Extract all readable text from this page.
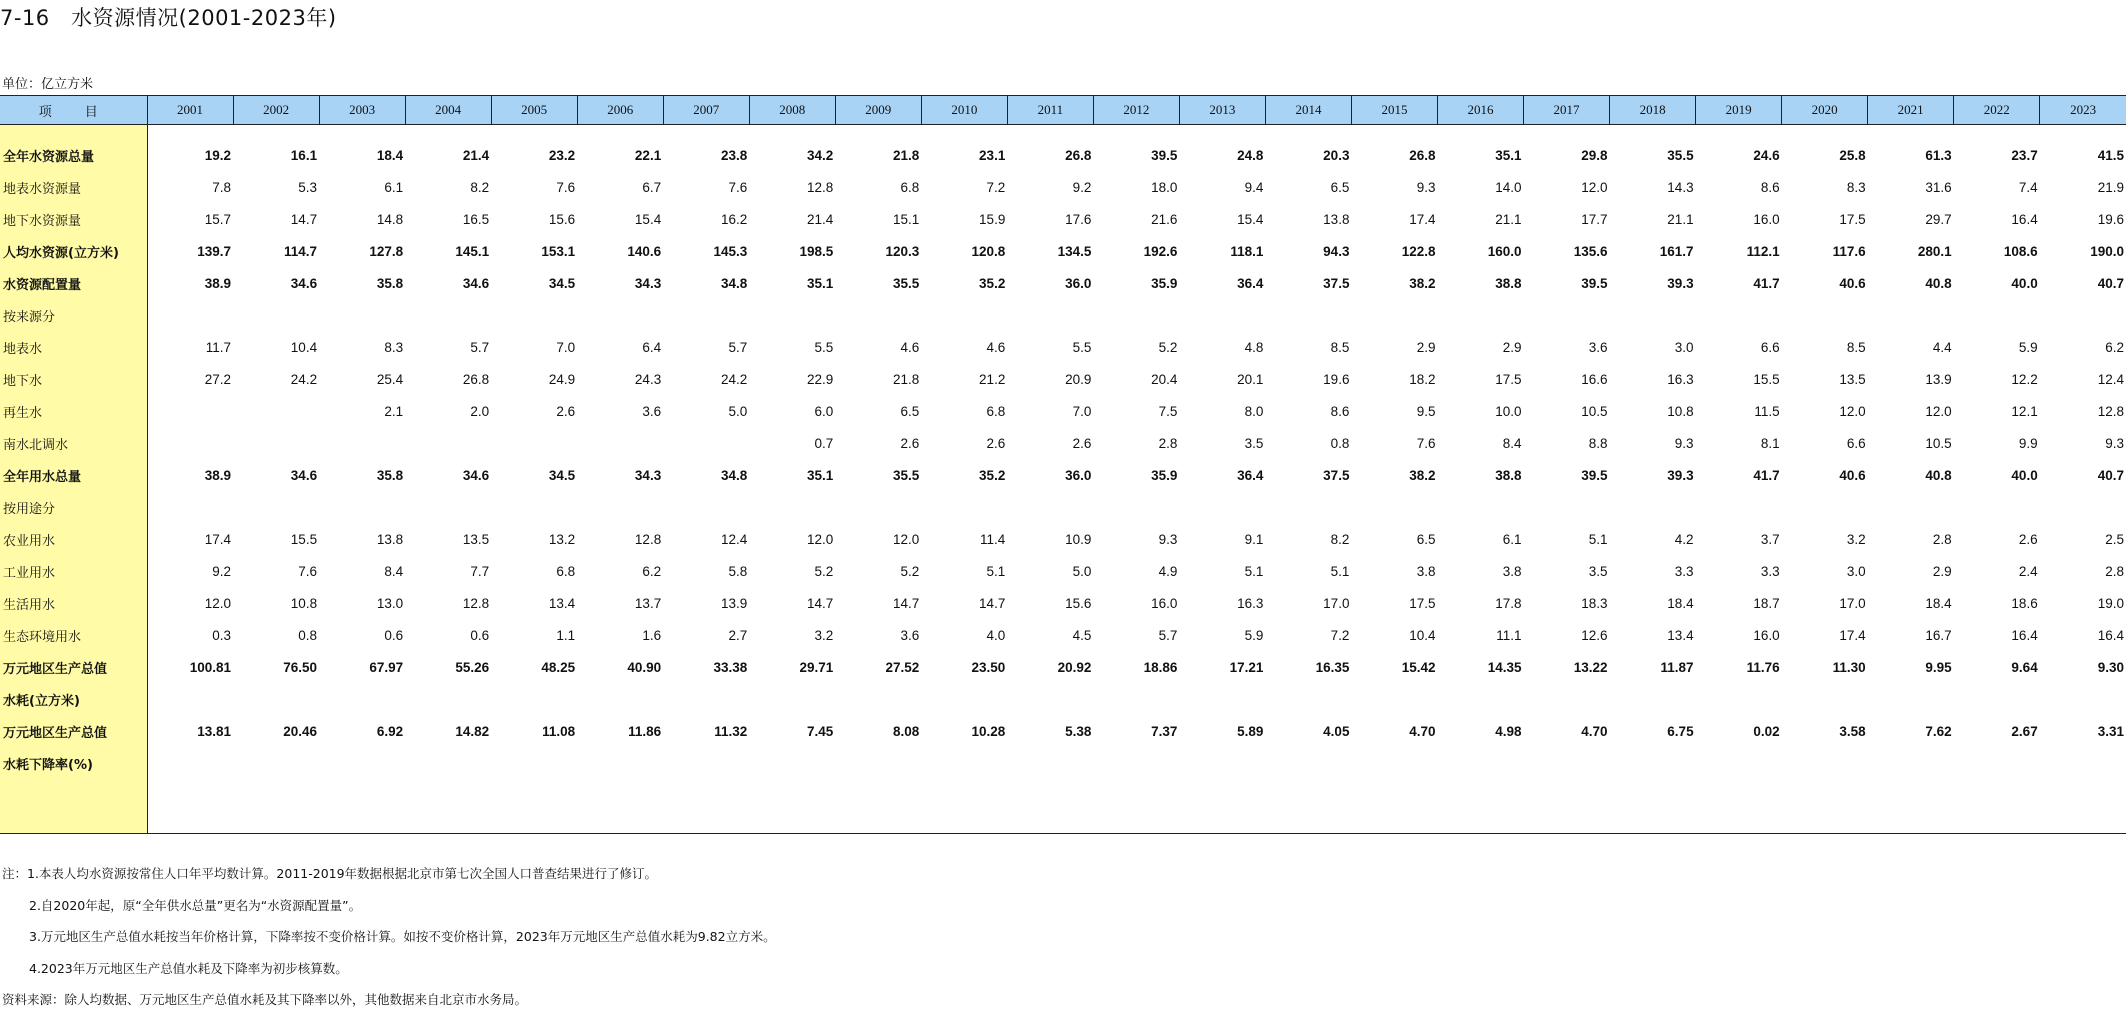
7-16　水资源情况(2001-2023年)
单位：亿立方米
项　目	2001	2002	2003	2004	2005	2006	2007	2008	2009	2010	2011	2012	2013	2014	2015	2016	2017	2018	2019	2020	2021	2022	2023

全年水资源总量	19.2	16.1	18.4	21.4	23.2	22.1	23.8	34.2	21.8	23.1	26.8	39.5	24.8	20.3	26.8	35.1	29.8	35.5	24.6	25.8	61.3	23.7	41.5
地表水资源量	7.8	5.3	6.1	8.2	7.6	6.7	7.6	12.8	6.8	7.2	9.2	18.0	9.4	6.5	9.3	14.0	12.0	14.3	8.6	8.3	31.6	7.4	21.9
地下水资源量	15.7	14.7	14.8	16.5	15.6	15.4	16.2	21.4	15.1	15.9	17.6	21.6	15.4	13.8	17.4	21.1	17.7	21.1	16.0	17.5	29.7	16.4	19.6
人均水资源(立方米)	139.7	114.7	127.8	145.1	153.1	140.6	145.3	198.5	120.3	120.8	134.5	192.6	118.1	94.3	122.8	160.0	135.6	161.7	112.1	117.6	280.1	108.6	190.0
水资源配置量	38.9	34.6	35.8	34.6	34.5	34.3	34.8	35.1	35.5	35.2	36.0	35.9	36.4	37.5	38.2	38.8	39.5	39.3	41.7	40.6	40.8	40.0	40.7
按来源分																							
地表水	11.7	10.4	8.3	5.7	7.0	6.4	5.7	5.5	4.6	4.6	5.5	5.2	4.8	8.5	2.9	2.9	3.6	3.0	6.6	8.5	4.4	5.9	6.2
地下水	27.2	24.2	25.4	26.8	24.9	24.3	24.2	22.9	21.8	21.2	20.9	20.4	20.1	19.6	18.2	17.5	16.6	16.3	15.5	13.5	13.9	12.2	12.4
再生水			2.1	2.0	2.6	3.6	5.0	6.0	6.5	6.8	7.0	7.5	8.0	8.6	9.5	10.0	10.5	10.8	11.5	12.0	12.0	12.1	12.8
南水北调水								0.7	2.6	2.6	2.6	2.8	3.5	0.8	7.6	8.4	8.8	9.3	8.1	6.6	10.5	9.9	9.3
全年用水总量	38.9	34.6	35.8	34.6	34.5	34.3	34.8	35.1	35.5	35.2	36.0	35.9	36.4	37.5	38.2	38.8	39.5	39.3	41.7	40.6	40.8	40.0	40.7
按用途分																							
农业用水	17.4	15.5	13.8	13.5	13.2	12.8	12.4	12.0	12.0	11.4	10.9	9.3	9.1	8.2	6.5	6.1	5.1	4.2	3.7	3.2	2.8	2.6	2.5
工业用水	9.2	7.6	8.4	7.7	6.8	6.2	5.8	5.2	5.2	5.1	5.0	4.9	5.1	5.1	3.8	3.8	3.5	3.3	3.3	3.0	2.9	2.4	2.8
生活用水	12.0	10.8	13.0	12.8	13.4	13.7	13.9	14.7	14.7	14.7	15.6	16.0	16.3	17.0	17.5	17.8	18.3	18.4	18.7	17.0	18.4	18.6	19.0
生态环境用水	0.3	0.8	0.6	0.6	1.1	1.6	2.7	3.2	3.6	4.0	4.5	5.7	5.9	7.2	10.4	11.1	12.6	13.4	16.0	17.4	16.7	16.4	16.4
万元地区生产总值	100.81	76.50	67.97	55.26	48.25	40.90	33.38	29.71	27.52	23.50	20.92	18.86	17.21	16.35	15.42	14.35	13.22	11.87	11.76	11.30	9.95	9.64	9.30
水耗(立方米)																							
万元地区生产总值	13.81	20.46	6.92	14.82	11.08	11.86	11.32	7.45	8.08	10.28	5.38	7.37	5.89	4.05	4.70	4.98	4.70	6.75	0.02	3.58	7.62	2.67	3.31
水耗下降率(%)																							

注：1.本表人均水资源按常住人口年平均数计算。2011-2019年数据根据北京市第七次全国人口普查结果进行了修订。
2.自2020年起，原“全年供水总量”更名为“水资源配置量”。
3.万元地区生产总值水耗按当年价格计算，下降率按不变价格计算。如按不变价格计算，2023年万元地区生产总值水耗为9.82立方米。
4.2023年万元地区生产总值水耗及下降率为初步核算数。
资料来源：除人均数据、万元地区生产总值水耗及其下降率以外，其他数据来自北京市水务局。
